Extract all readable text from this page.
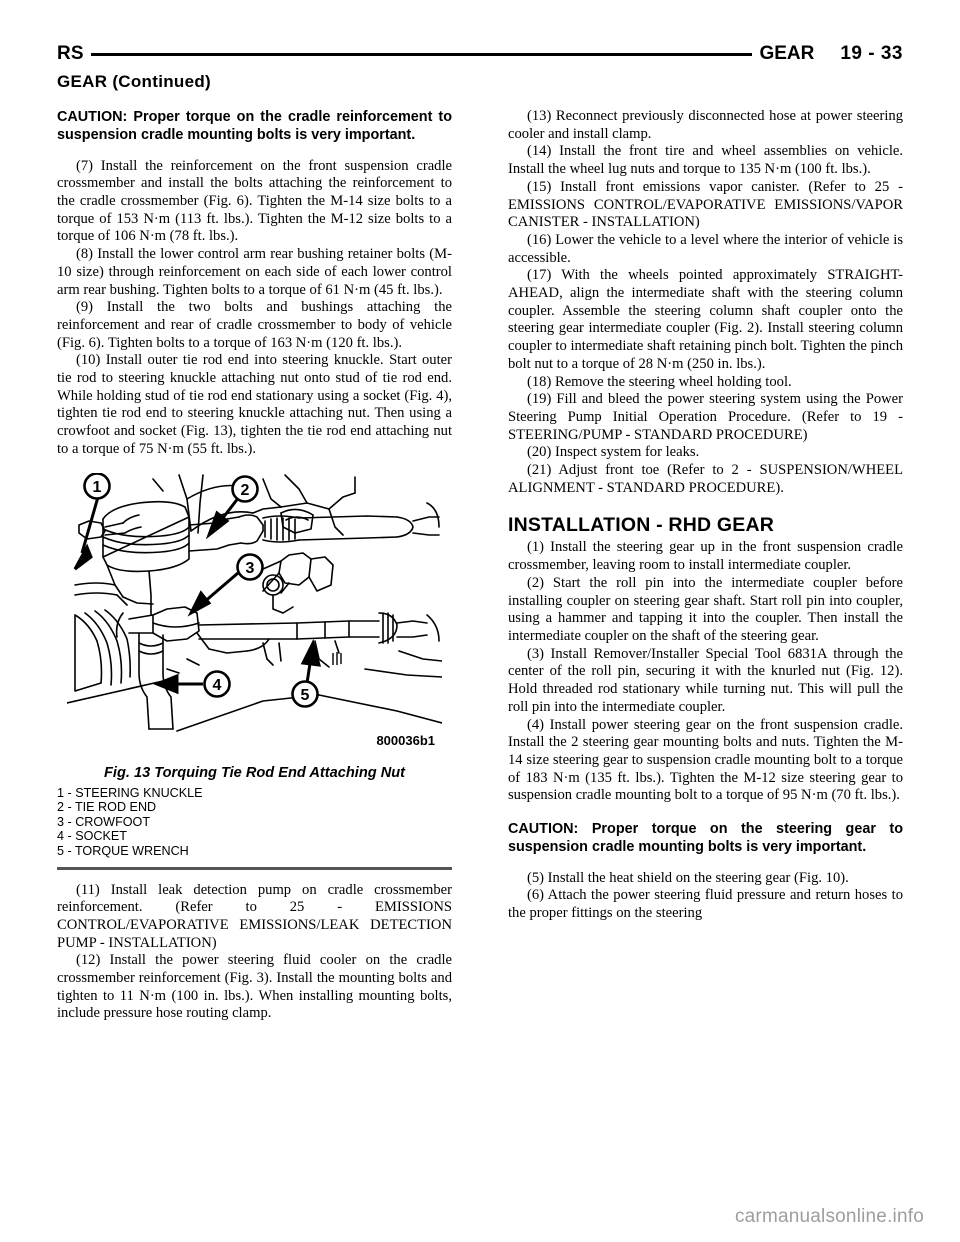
RS	GEAR 19 - 33
GEAR (Continued)

CAUTION: Proper torque on the cradle reinforcement to suspension cradle mounting bolts is very important.

(7) Install the reinforcement on the front suspension cradle crossmember and install the bolts attaching the reinforcement to the cradle crossmember (Fig. 6). Tighten the M-14 size bolts to a torque of 153 N·m (113 ft. lbs.). Tighten the M-12 size bolts to a torque of 106 N·m (78 ft. lbs.).

(8) Install the lower control arm rear bushing retainer bolts (M-10 size) through reinforcement on each side of each lower control arm rear bushing. Tighten bolts to a torque of 61 N·m (45 ft. lbs.).

(9) Install the two bolts and bushings attaching the reinforcement and rear of cradle crossmember to body of vehicle (Fig. 6). Tighten bolts to a torque of 163 N·m (120 ft. lbs.).

(10) Install outer tie rod end into steering knuckle. Start outer tie rod to steering knuckle attaching nut onto stud of tie rod end. While holding stud of tie rod end stationary using a socket (Fig. 4), tighten tie rod end to steering knuckle attaching nut. Then using a crowfoot and socket (Fig. 13), tighten the tie rod end attaching nut to a torque of 75 N·m (55 ft. lbs.).

1	2
3
4
5
800036b1
Fig. 13 Torquing Tie Rod End Attaching Nut
1 - STEERING KNUCKLE
2 - TIE ROD END
3 - CROWFOOT
4 - SOCKET
5 - TORQUE WRENCH

(11) Install leak detection pump on cradle crossmember reinforcement. (Refer to 25 - EMISSIONS CONTROL/EVAPORATIVE EMISSIONS/LEAK DETECTION PUMP - INSTALLATION)

(12) Install the power steering fluid cooler on the cradle crossmember reinforcement (Fig. 3). Install the mounting bolts and tighten to 11 N·m (100 in. lbs.). When installing mounting bolts, include pressure hose routing clamp.

(13) Reconnect previously disconnected hose at power steering cooler and install clamp.

(14) Install the front tire and wheel assemblies on vehicle. Install the wheel lug nuts and torque to 135 N·m (100 ft. lbs.).

(15) Install front emissions vapor canister. (Refer to 25 - EMISSIONS CONTROL/EVAPORATIVE EMISSIONS/VAPOR CANISTER - INSTALLATION)

(16) Lower the vehicle to a level where the interior of vehicle is accessible.

(17) With the wheels pointed approximately STRAIGHT-AHEAD, align the intermediate shaft with the steering column coupler. Assemble the steering column shaft coupler onto the steering gear intermediate coupler (Fig. 2). Install steering column coupler to intermediate shaft retaining pinch bolt. Tighten the pinch bolt nut to a torque of 28 N·m (250 in. lbs.).

(18) Remove the steering wheel holding tool.

(19) Fill and bleed the power steering system using the Power Steering Pump Initial Operation Procedure. (Refer to 19 - STEERING/PUMP - STANDARD PROCEDURE)

(20) Inspect system for leaks.

(21) Adjust front toe (Refer to 2 - SUSPENSION/WHEEL ALIGNMENT - STANDARD PROCEDURE).

INSTALLATION - RHD GEAR

(1) Install the steering gear up in the front suspension cradle crossmember, leaving room to install intermediate coupler.

(2) Start the roll pin into the intermediate coupler before installing coupler on steering gear shaft. Start roll pin into coupler, using a hammer and tapping it into the coupler. Then install the intermediate coupler on the shaft of the steering gear.

(3) Install Remover/Installer Special Tool 6831A through the center of the roll pin, securing it with the knurled nut (Fig. 12). Hold threaded rod stationary while turning nut. This will pull the roll pin into the intermediate coupler.

(4) Install power steering gear on the front suspension cradle. Install the 2 steering gear mounting bolts and nuts. Tighten the M-14 size steering gear to suspension cradle mounting bolt to a torque of 183 N·m (135 ft. lbs.). Tighten the M-12 size steering gear to suspension cradle mounting bolt to a torque of 95 N·m (70 ft. lbs.).

CAUTION: Proper torque on the steering gear to suspension cradle mounting bolts is very important.

(5) Install the heat shield on the steering gear (Fig. 10).

(6) Attach the power steering fluid pressure and return hoses to the proper fittings on the steering

carmanualsonline.info
